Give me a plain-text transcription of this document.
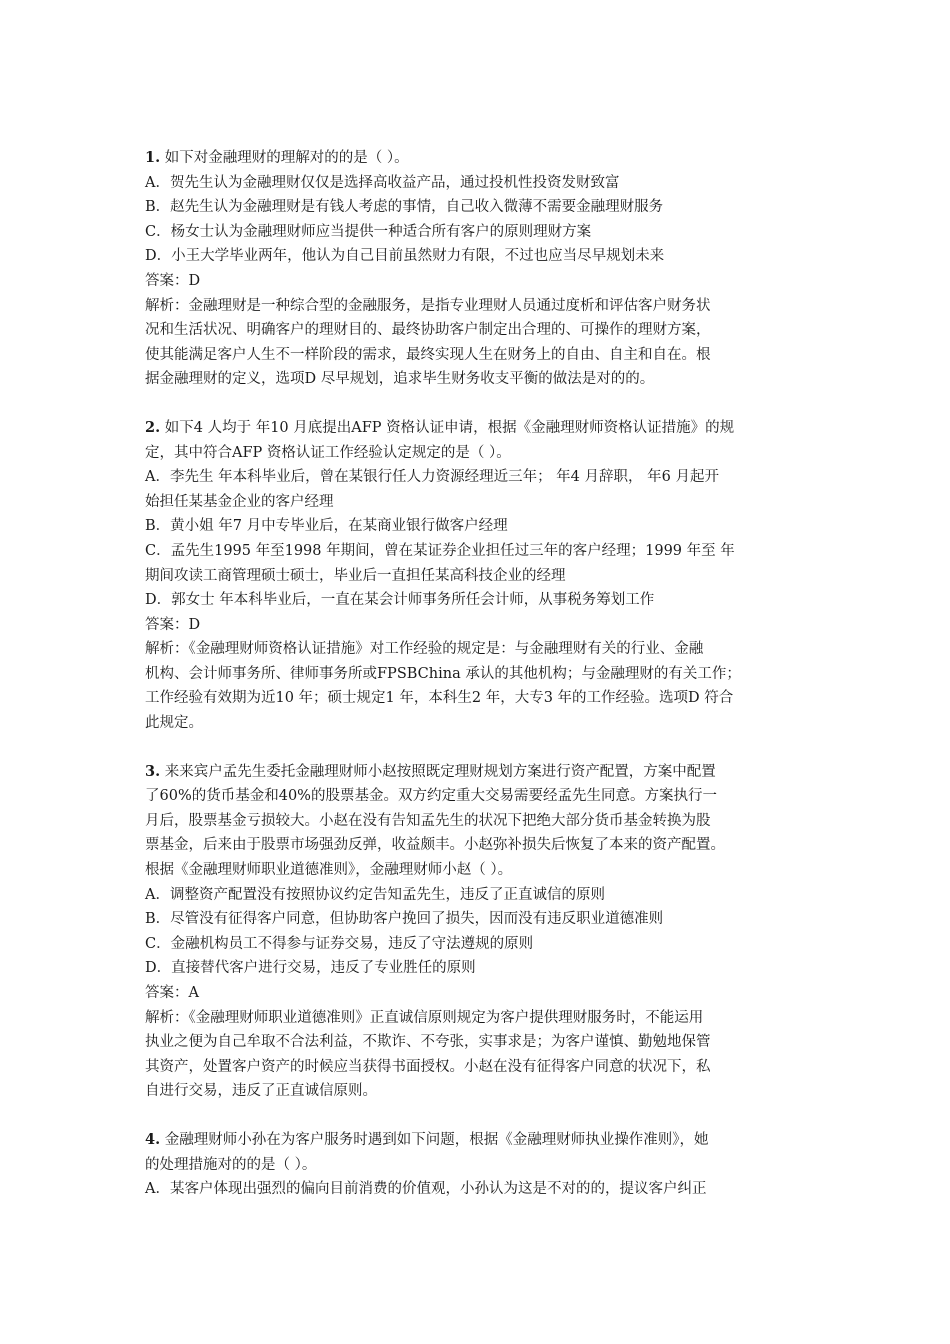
1. 如下对金融理财的理解对的的是（ ）。
A．贺先生认为金融理财仅仅是选择高收益产品，通过投机性投资发财致富
B．赵先生认为金融理财是有钱人考虑的事情，自己收入微薄不需要金融理财服务
C．杨女士认为金融理财师应当提供一种适合所有客户的原则理财方案
D．小王大学毕业两年，他认为自己目前虽然财力有限，不过也应当尽早规划未来
答案：D
解析：金融理财是一种综合型的金融服务，是指专业理财人员通过度析和评估客户财务状
况和生活状况、明确客户的理财目的、最终协助客户制定出合理的、可操作的理财方案，
使其能满足客户人生不一样阶段的需求，最终实现人生在财务上的自由、自主和自在。根
据金融理财的定义，选项D 尽早规划，追求毕生财务收支平衡的做法是对的的。
2. 如下4 人均于 年10 月底提出AFP 资格认证申请，根据《金融理财师资格认证措施》的规
定，其中符合AFP 资格认证工作经验认定规定的是（ ）。
A．李先生 年本科毕业后，曾在某银行任人力资源经理近三年； 年4 月辞职， 年6 月起开
始担任某基金企业的客户经理
B．黄小姐 年7 月中专毕业后，在某商业银行做客户经理
C．孟先生1995 年至1998 年期间，曾在某证券企业担任过三年的客户经理；1999 年至 年
期间攻读工商管理硕士硕士，毕业后一直担任某高科技企业的经理
D．郭女士 年本科毕业后，一直在某会计师事务所任会计师，从事税务筹划工作
答案：D
解析：《金融理财师资格认证措施》对工作经验的规定是：与金融理财有关的行业、金融
机构、会计师事务所、律师事务所或FPSBChina 承认的其他机构；与金融理财的有关工作；
工作经验有效期为近10 年；硕士规定1 年，本科生2 年，大专3 年的工作经验。选项D 符合
此规定。
3. 来来宾户孟先生委托金融理财师小赵按照既定理财规划方案进行资产配置，方案中配置
了60%的货币基金和40%的股票基金。双方约定重大交易需要经孟先生同意。方案执行一
月后，股票基金亏损较大。小赵在没有告知孟先生的状况下把绝大部分货币基金转换为股
票基金，后来由于股票市场强劲反弹，收益颇丰。小赵弥补损失后恢复了本来的资产配置。
根据《金融理财师职业道德准则》，金融理财师小赵（ ）。
A．调整资产配置没有按照协议约定告知孟先生，违反了正直诚信的原则
B．尽管没有征得客户同意，但协助客户挽回了损失，因而没有违反职业道德准则
C．金融机构员工不得参与证券交易，违反了守法遵规的原则
D．直接替代客户进行交易，违反了专业胜任的原则
答案：A
解析：《金融理财师职业道德准则》正直诚信原则规定为客户提供理财服务时，不能运用
执业之便为自己牟取不合法利益，不欺诈、不夸张，实事求是；为客户谨慎、勤勉地保管
其资产，处置客户资产的时候应当获得书面授权。小赵在没有征得客户同意的状况下，私
自进行交易，违反了正直诚信原则。
4. 金融理财师小孙在为客户服务时遇到如下问题，根据《金融理财师执业操作准则》，她
的处理措施对的的是（ ）。
A．某客户体现出强烈的偏向目前消费的价值观，小孙认为这是不对的的，提议客户纠正
